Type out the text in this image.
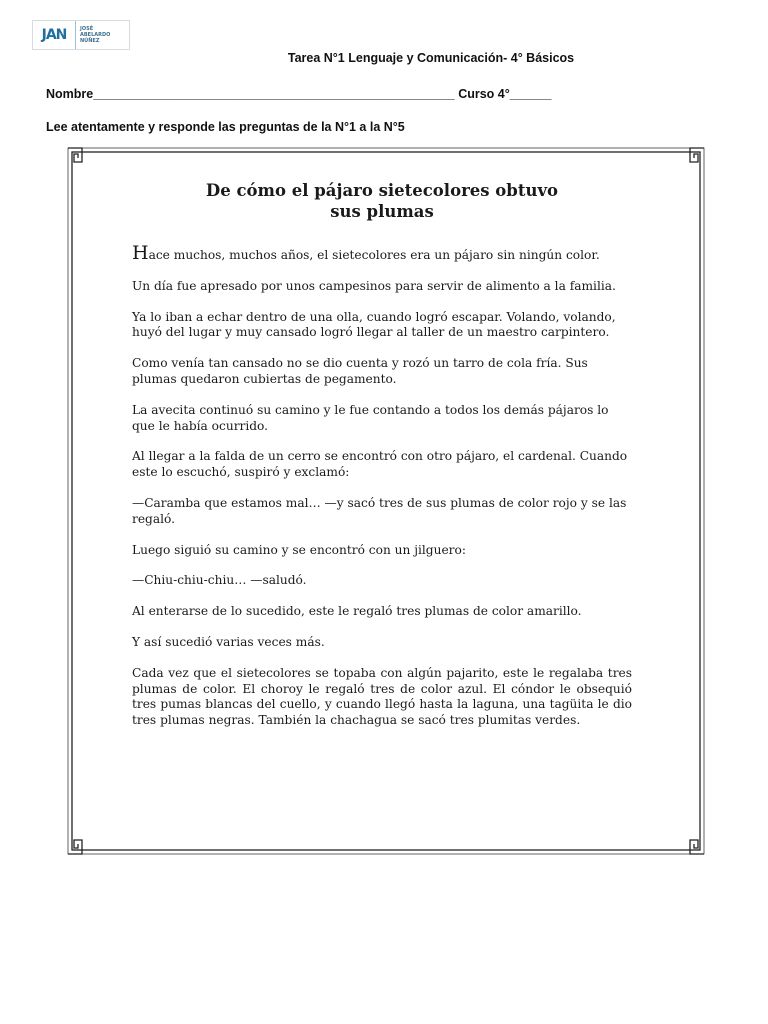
JAN	JOSÉ
ABELARDO
NÚÑEZ
Tarea N°1 Lenguaje y Comunicación- 4° Básicos
Nombre____________________________________________________ Curso 4°______
Lee atentamente y responde las preguntas de la N°1 a la N°5
De cómo el pájaro sietecolores obtuvo
sus plumas

Hace muchos, muchos años, el sietecolores era un pájaro sin ningún color.

Un día fue apresado por unos campesinos para servir de alimento a la familia.

Ya lo iban a echar dentro de una olla, cuando logró escapar. Volando, volando, huyó del lugar y muy cansado logró llegar al taller de un maestro carpintero.

Como venía tan cansado no se dio cuenta y rozó un tarro de cola fría. Sus plumas quedaron cubiertas de pegamento.

La avecita continuó su camino y le fue contando a todos los demás pájaros lo que le había ocurrido.

Al llegar a la falda de un cerro se encontró con otro pájaro, el cardenal. Cuando este lo escuchó, suspiró y exclamó:

—Caramba que estamos mal… —y sacó tres de sus plumas de color rojo y se las regaló.

Luego siguió su camino y se encontró con un jilguero:

—Chiu-chiu-chiu… —saludó.

Al enterarse de lo sucedido, este le regaló tres plumas de color amarillo.

Y así sucedió varias veces más.

Cada vez que el sietecolores se topaba con algún pajarito, este le regalaba tres plumas de color. El choroy le regaló tres de color azul. El cóndor le obsequió tres pumas blancas del cuello, y cuando llegó hasta la laguna, una tagüita le dio tres plumas negras. También la chachagua se sacó tres plumitas verdes.
